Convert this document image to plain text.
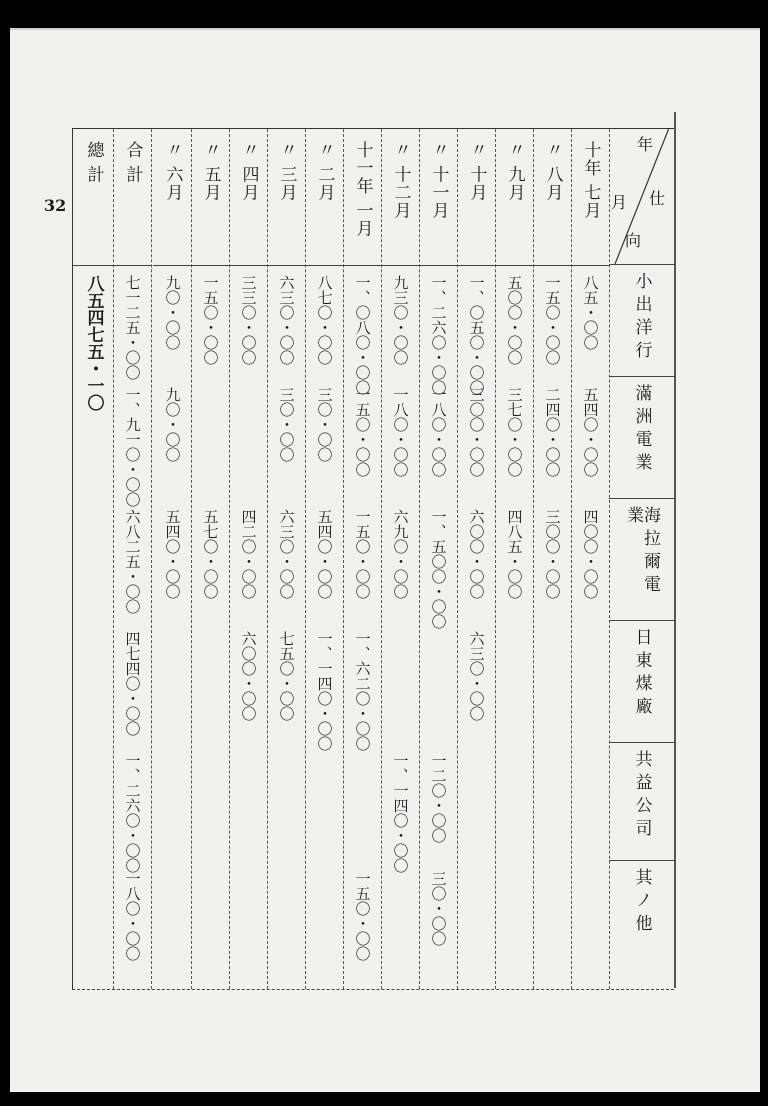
32
總 計
八五四七五・一〇
合 計
七一二五・〇〇
一、九一〇・〇〇
六八二五・〇〇
四七四〇・〇〇
一、二六〇・〇〇
一八〇・〇〇
〃 六月
九〇・〇〇
九〇・〇〇
五四〇・〇〇
〃 五月
一五〇・〇〇
五七〇・〇〇
〃 四月
三三〇・〇〇
四二〇・〇〇
六〇〇・〇〇
〃 三月
六三〇・〇〇
三〇・〇〇
六三〇・〇〇
七五〇・〇〇
〃 二月
八七〇・〇〇
三〇・〇〇
五四〇・〇〇
一、一四〇・〇〇
十一年 一月
一、〇八〇・〇〇
一五〇・〇〇
一五〇・〇〇
一、六二〇・〇〇
一五〇・〇〇
〃 十二月
九三〇・〇〇
一八〇・〇〇
六九〇・〇〇
一、一四〇・〇〇
〃 十一月
一、二六〇・〇〇
一八〇・〇〇
一、五〇〇・〇〇
一二〇・〇〇
三〇・〇〇
〃 十月
一、〇五〇・〇〇
三〇〇・〇〇
六〇〇・〇〇
六三〇・〇〇
〃 九月
五〇〇・〇〇
三七〇・〇〇
四八五・〇〇
〃 八月
一五〇・〇〇
二四〇・〇〇
三〇〇・〇〇
十年 七月
八五・〇〇
五四〇・〇〇
四〇〇・〇〇
年
仕
月
向
小出洋行
滿洲電業
海拉爾電業
日東煤廠
共益公司
其ノ他
